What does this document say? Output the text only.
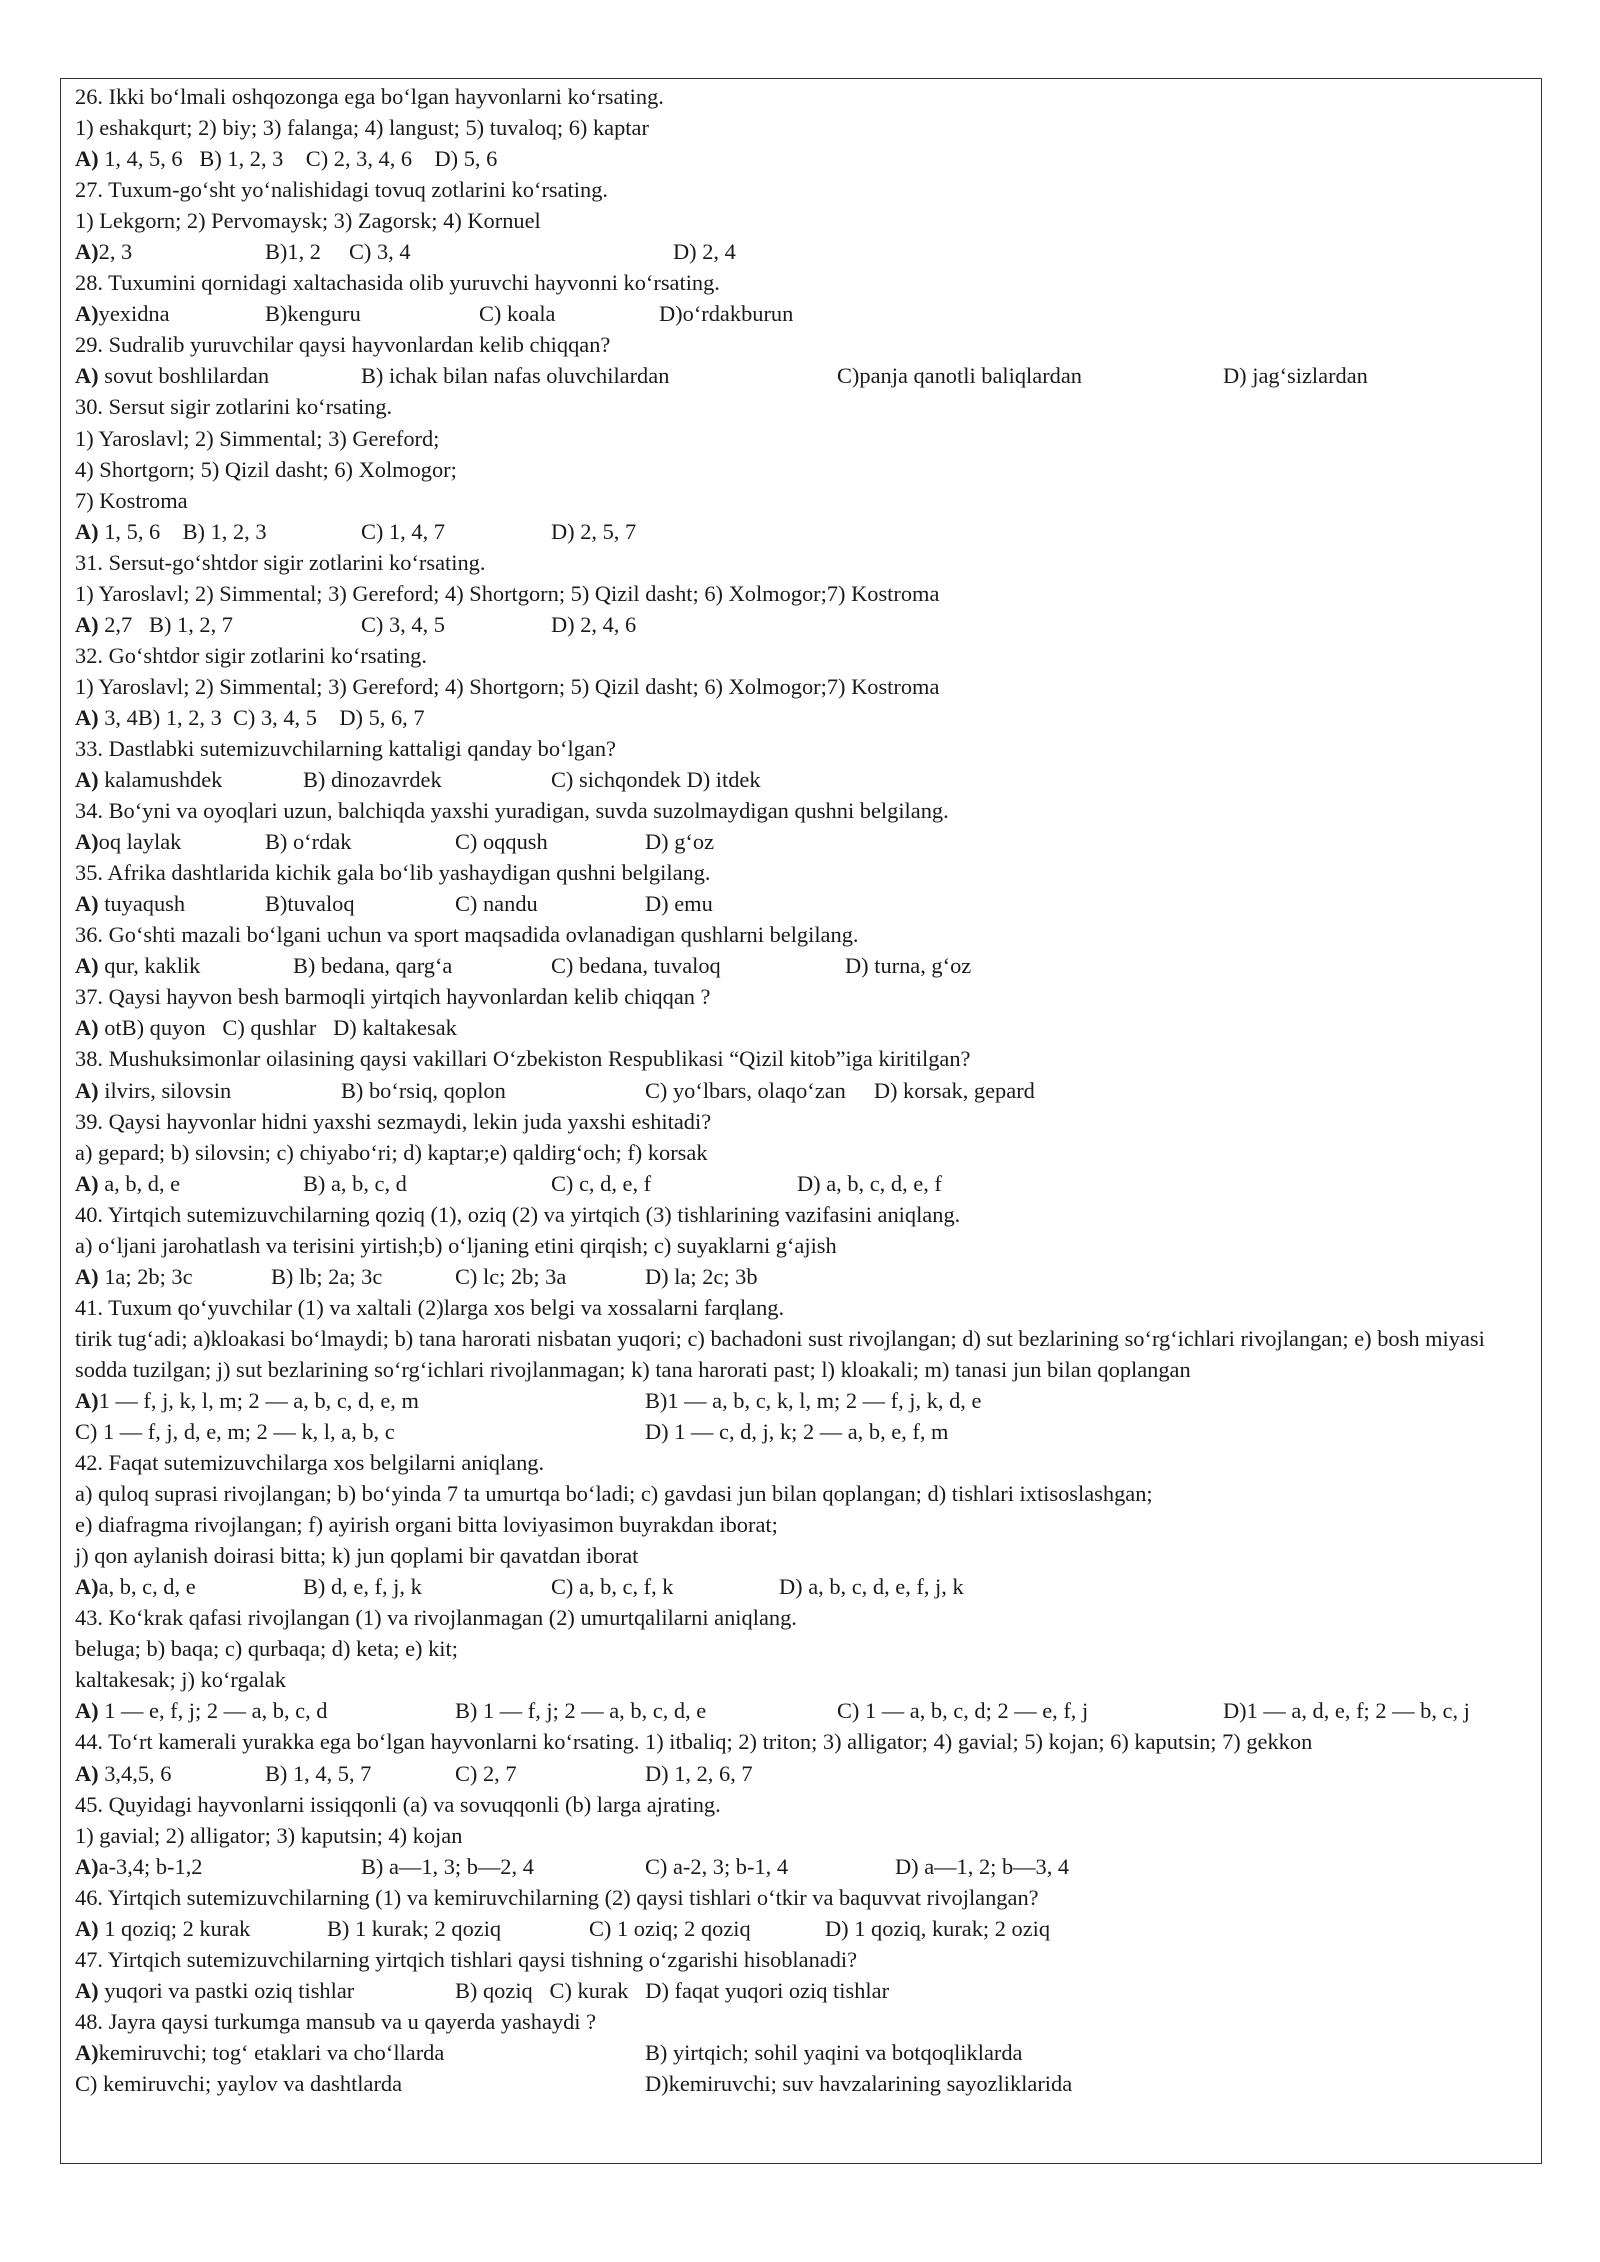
26. Ikki bo‘lmali oshqozonga ega bo‘lgan hayvonlarni ko‘rsating.
1) eshakqurt; 2) biy; 3) falanga; 4) langust; 5) tuvaloq; 6) kaptar
A) 1, 4, 5, 6   B) 1, 2, 3    C) 2, 3, 4, 6    D) 5, 6
27. Tuxum-go‘sht yo‘nalishidagi tovuq zotlarini ko‘rsating.
1) Lekgorn; 2) Pervomaysk; 3) Zagorsk; 4) Kornuel
A)2, 3	B)1, 2     C) 3, 4	D) 2, 4
28. Tuxumini qornidagi xaltachasida olib yuruvchi hayvonni ko‘rsating.
A)yexidna	B)kenguru	C) koala	D)o‘rdakburun
29. Sudralib yuruvchilar qaysi hayvonlardan kelib chiqqan?
A) sovut boshlilardan	B) ichak bilan nafas oluvchilardan	C)panja qanotli baliqlardan	D) jag‘sizlardan
30. Sersut sigir zotlarini ko‘rsating.
1) Yaroslavl; 2) Simmental; 3) Gereford;
4) Shortgorn; 5) Qizil dasht; 6) Xolmogor;
7) Kostroma
A) 1, 5, 6    B) 1, 2, 3	C) 1, 4, 7	D) 2, 5, 7
31. Sersut-go‘shtdor sigir zotlarini ko‘rsating.
1) Yaroslavl; 2) Simmental; 3) Gereford; 4) Shortgorn; 5) Qizil dasht; 6) Xolmogor;7) Kostroma
A) 2,7   B) 1, 2, 7	C) 3, 4, 5	D) 2, 4, 6
32. Go‘shtdor sigir zotlarini ko‘rsating.
1) Yaroslavl; 2) Simmental; 3) Gereford; 4) Shortgorn; 5) Qizil dasht; 6) Xolmogor;7) Kostroma
A) 3, 4B) 1, 2, 3  C) 3, 4, 5    D) 5, 6, 7
33. Dastlabki sutemizuvchilarning kattaligi qanday bo‘lgan?
A) kalamushdek	B) dinozavrdek	C) sichqondek D) itdek
34. Bo‘yni va oyoqlari uzun, balchiqda yaxshi yuradigan, suvda suzolmaydigan qushni belgilang.
A)oq laylak	B) o‘rdak	C) oqqush	D) g‘oz
35. Afrika dashtlarida kichik gala bo‘lib yashaydigan qushni belgilang.
A) tuyaqush	B)tuvaloq	C) nandu	D) emu
36. Go‘shti mazali bo‘lgani uchun va sport maqsadida ovlanadigan qushlarni belgilang.
A) qur, kaklik	B) bedana, qarg‘a	C) bedana, tuvaloq	D) turna, g‘oz
37. Qaysi hayvon besh barmoqli yirtqich hayvonlardan kelib chiqqan ?
A) otB) quyon   C) qushlar   D) kaltakesak
38. Mushuksimonlar oilasining qaysi vakillari O‘zbekiston Respublikasi “Qizil kitob”iga kiritilgan?
A) ilvirs, silovsin	B) bo‘rsiq, qoplon	C) yo‘lbars, olaqo‘zan     D) korsak, gepard
39. Qaysi hayvonlar hidni yaxshi sezmaydi, lekin juda yaxshi eshitadi?
a) gepard; b) silovsin; c) chiyabo‘ri; d) kaptar;e) qaldirg‘och; f) korsak
A) a, b, d, e	B) a, b, c, d	C) c, d, e, f	D) a, b, c, d, e, f
40. Yirtqich sutemizuvchilarning qoziq (1), oziq (2) va yirtqich (3) tishlarining vazifasini aniqlang.
a) o‘ljani jarohatlash va terisini yirtish;b) o‘ljaning etini qirqish; c) suyaklarni g‘ajish
A) 1a; 2b; 3c	B) lb; 2a; 3c	C) lc; 2b; 3a	D) la; 2c; 3b
41. Tuxum qo‘yuvchilar (1) va xaltali (2)larga xos belgi va xossalarni farqlang.
tirik tug‘adi; a)kloakasi bo‘lmaydi; b) tana harorati nisbatan yuqori; c) bachadoni sust rivojlangan; d) sut bezlarining so‘rg‘ichlari rivojlangan; e) bosh miyasi sodda tuzilgan; j) sut bezlarining so‘rg‘ichlari rivojlanmagan; k) tana harorati past; l) kloakali; m) tanasi jun bilan qoplangan
A)1 — f, j, k, l, m; 2 — a, b, c, d, e, m	B)1 — a, b, c, k, l, m; 2 — f, j, k, d, e
C) 1 — f, j, d, e, m; 2 — k, l, a, b, c	D) 1 — c, d, j, k; 2 — a, b, e, f, m
42. Faqat sutemizuvchilarga xos belgilarni aniqlang.
a) quloq suprasi rivojlangan; b) bo‘yinda 7 ta umurtqa bo‘ladi; c) gavdasi jun bilan qoplangan; d) tishlari ixtisoslashgan;
e) diafragma rivojlangan; f) ayirish organi bitta loviyasimon buyrakdan iborat;
j) qon aylanish doirasi bitta; k) jun qoplami bir qavatdan iborat
A)a, b, c, d, e	B) d, e, f, j, k	C) a, b, c, f, k	D) a, b, c, d, e, f, j, k
43. Ko‘krak qafasi rivojlangan (1) va rivojlanmagan (2) umurtqalilarni aniqlang.
beluga; b) baqa; c) qurbaqa; d) keta; e) kit;
kaltakesak; j) ko‘rgalak
A) 1 — e, f, j; 2 — a, b, c, d	B) 1 — f, j; 2 — a, b, c, d, e	C) 1 — a, b, c, d; 2 — e, f, j	D)1 — a, d, e, f; 2 — b, c, j
44. To‘rt kamerali yurakka ega bo‘lgan hayvonlarni ko‘rsating. 1) itbaliq; 2) triton; 3) alligator; 4) gavial; 5) kojan; 6) kaputsin; 7) gekkon
A) 3,4,5, 6	B) 1, 4, 5, 7	C) 2, 7	D) 1, 2, 6, 7
45. Quyidagi hayvonlarni issiqqonli (a) va sovuqqonli (b) larga ajrating.
1) gavial; 2) alligator; 3) kaputsin; 4) kojan
A)a-3,4; b-1,2	B) a—1, 3; b—2, 4	C) a-2, 3; b-1, 4	D) a—1, 2; b—3, 4
46. Yirtqich sutemizuvchilarning (1) va kemiruvchilarning (2) qaysi tishlari o‘tkir va baquvvat rivojlangan?
A) 1 qoziq; 2 kurak	B) 1 kurak; 2 qoziq	C) 1 oziq; 2 qoziq	D) 1 qoziq, kurak; 2 oziq
47. Yirtqich sutemizuvchilarning yirtqich tishlari qaysi tishning o‘zgarishi hisoblanadi?
A) yuqori va pastki oziq tishlar	B) qoziq   C) kurak   D) faqat yuqori oziq tishlar
48. Jayra qaysi turkumga mansub va u qayerda yashaydi ?
A)kemiruvchi; tog‘ etaklari va cho‘llarda	B) yirtqich; sohil yaqini va botqoqliklarda
C) kemiruvchi; yaylov va dashtlarda	D)kemiruvchi; suv havzalarining sayozliklarida
